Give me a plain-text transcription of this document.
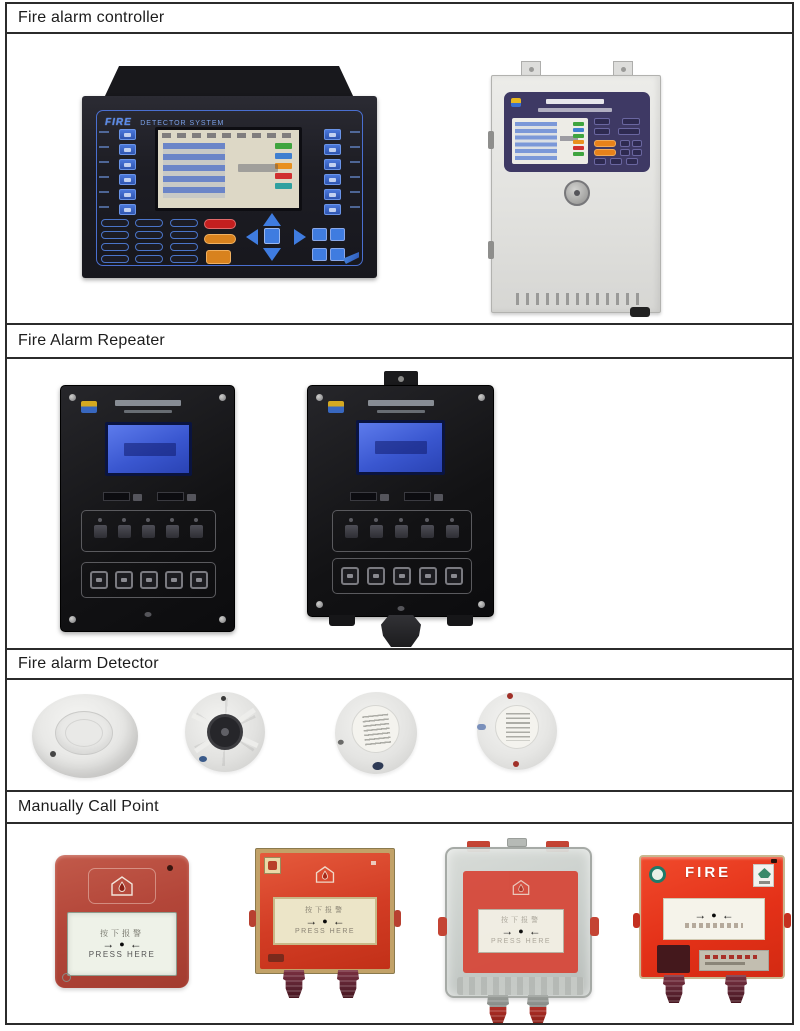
Fire alarm controller
FIRE DETECTOR SYSTEM
Fire Alarm Repeater
Fire alarm Detector
Manually Call Point
按下报警
→ ● ←
PRESS HERE
按下报警
→ ● ←
PRESS HERE
按下报警
→ ● ←
PRESS HERE
FIRE
→ ● ←
